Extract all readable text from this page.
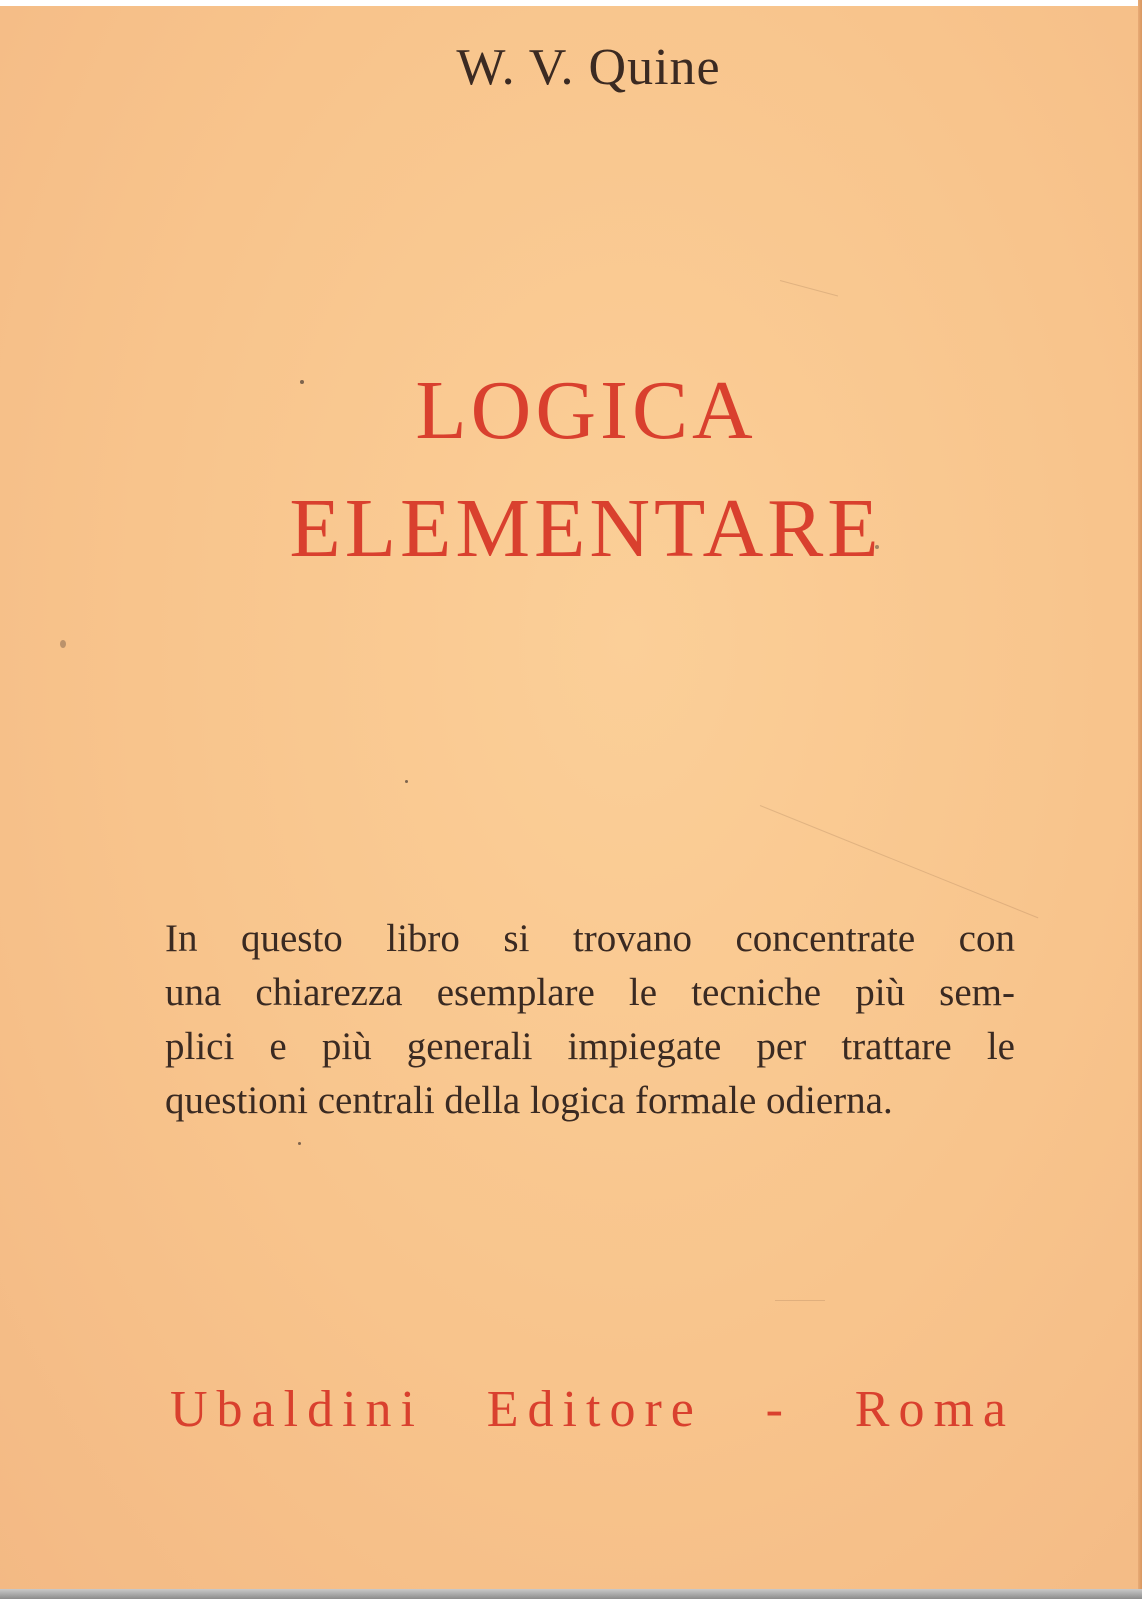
W. V. Quine
LOGICA
ELEMENTARE
In questo libro si trovano concentrate con
una chiarezza esemplare le tecniche più sem-
plici e più generali impiegate per trattare le
questioni centrali della logica formale odierna.
Ubaldini Editore - Roma
